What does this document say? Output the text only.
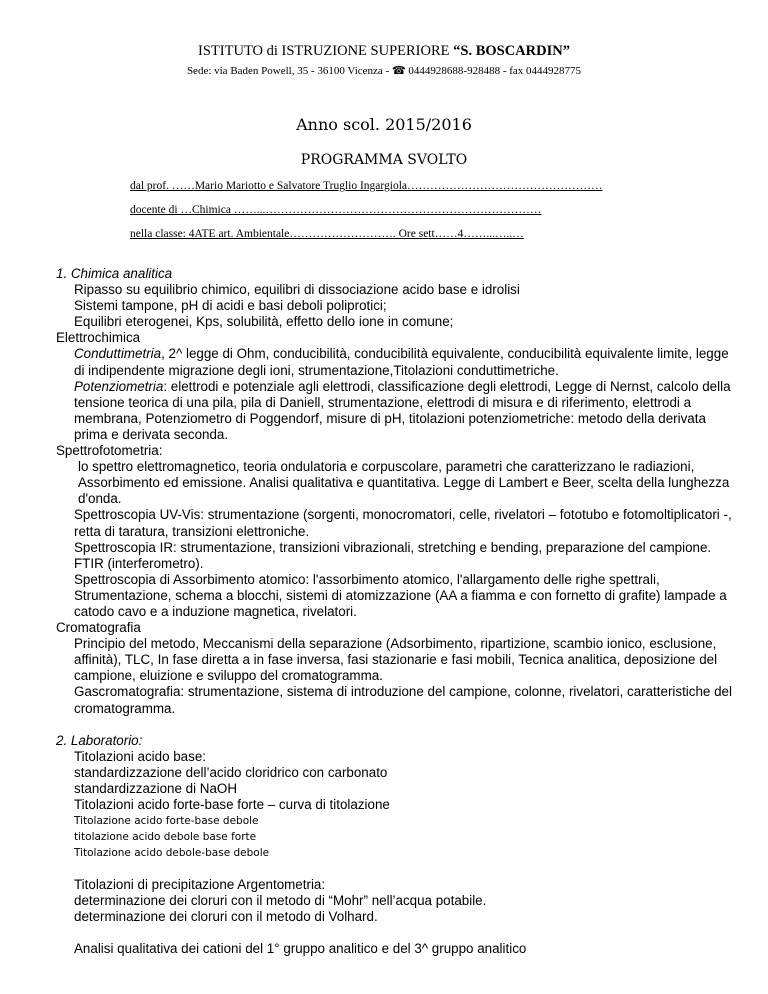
ISTITUTO di ISTRUZIONE SUPERIORE “S. BOSCARDIN”
Sede: via Baden Powell, 35 - 36100 Vicenza - ☎ 0444928688-928488 - fax 0444928775
Anno scol. 2015/2016
PROGRAMMA SVOLTO
dal prof. ……Mario Mariotto e Salvatore Truglio Ingargiola……………………………………………
docente di …Chimica ……...………………………………………………………………
nella classe: 4ATE art. Ambientale………………………. Ore sett……4……...…..…

1. Chimica analitica

Ripasso su equilibrio chimico, equilibri di dissociazione acido base e idrolisi

Sistemi tampone, pH di acidi e basi deboli poliprotici;

Equilibri eterogenei, Kps, solubilità, effetto dello ione in comune;

Elettrochimica

Conduttimetria, 2^ legge di Ohm, conducibilità, conducibilità equivalente, conducibilità equivalente limite, legge di indipendente migrazione degli ioni, strumentazione,Titolazioni conduttimetriche.

Potenziometria: elettrodi e potenziale agli elettrodi, classificazione degli elettrodi, Legge di Nernst, calcolo della tensione teorica di una pila, pila di Daniell, strumentazione, elettrodi di misura e di riferimento, elettrodi a membrana, Potenziometro di Poggendorf, misure di pH, titolazioni potenziometriche: metodo della derivata prima e derivata seconda.

Spettrofotometria:

lo spettro elettromagnetico, teoria ondulatoria e corpuscolare, parametri che caratterizzano le radiazioni, Assorbimento ed emissione. Analisi qualitativa e quantitativa. Legge di Lambert e Beer, scelta della lunghezza d'onda.

Spettroscopia UV-Vis: strumentazione (sorgenti, monocromatori, celle, rivelatori – fototubo e fotomoltiplicatori -, retta di taratura, transizioni elettroniche.

Spettroscopia IR: strumentazione, transizioni vibrazionali, stretching e bending, preparazione del campione. FTIR (interferometro).

Spettroscopia di Assorbimento atomico: l'assorbimento atomico, l'allargamento delle righe spettrali, Strumentazione, schema a blocchi, sistemi di atomizzazione (AA a fiamma e con fornetto di grafite) lampade a catodo cavo e a induzione magnetica, rivelatori.

Cromatografia

Principio del metodo, Meccanismi della separazione (Adsorbimento, ripartizione, scambio ionico, esclusione, affinità), TLC, In fase diretta a in fase inversa, fasi stazionarie e fasi mobili, Tecnica analitica, deposizione del campione, eluizione e sviluppo del cromatogramma.

Gascromatografia: strumentazione, sistema di introduzione del campione, colonne, rivelatori, caratteristiche del cromatogramma.

2. Laboratorio:

Titolazioni acido base:

standardizzazione dell’acido cloridrico con carbonato

standardizzazione di NaOH

Titolazioni acido forte-base forte – curva di titolazione

Titolazione acido forte-base debole

titolazione acido debole base forte

Titolazione acido debole-base debole

Titolazioni di precipitazione Argentometria:

determinazione dei cloruri con il metodo di “Mohr” nell’acqua potabile.

determinazione dei cloruri con il metodo di Volhard.

Analisi qualitativa dei cationi del 1° gruppo analitico e del 3^ gruppo analitico
